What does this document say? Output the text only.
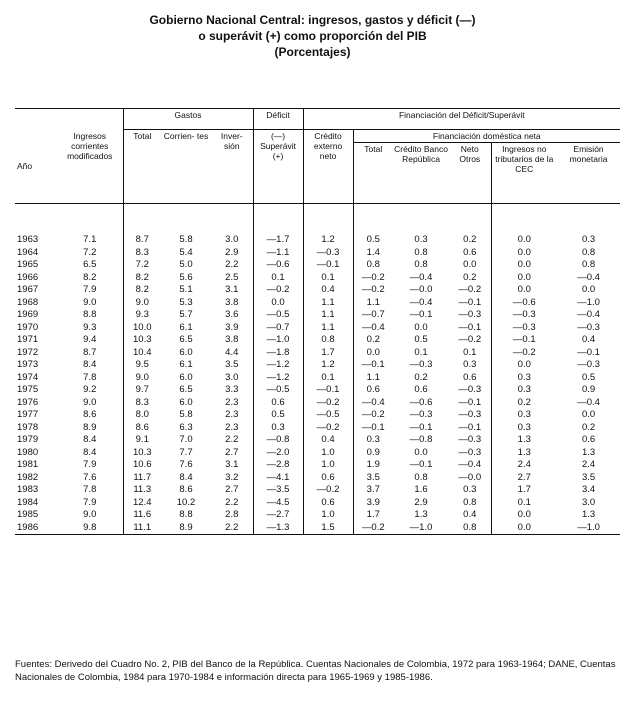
Gobierno Nacional Central: ingresos, gastos y déficit (—)
o superávit (+) como proporción del PIB
(Porcentajes)
		Gastos			Déficit	Financiación del Déficit/Superávit					
Año	Ingresos corrientes modificados	Total	Corrien- tes	Inver- sión	(—) Superávit (+)	Crédito externo neto	Financiación doméstica neta				
							Total	Crédito Banco República	Neto Otros	Ingresos no tributarios de la CEC	Emisión monetaria

1963	7.1	8.7	5.8	3.0	—1.7	1.2	0.5	0.3	0.2	0.0	0.3
1964	7.2	8.3	5.4	2.9	—1.1	—0.3	1.4	0.8	0.6	0.0	0.8
1965	6.5	7.2	5.0	2.2	—0.6	—0.1	0.8	0.8	0.0	0.0	0.8
1966	8.2	8.2	5.6	2.5	0.1	0.1	—0.2	—0.4	0.2	0.0	—0.4
1967	7.9	8.2	5.1	3.1	—0.2	0.4	—0.2	—0.0	—0.2	0.0	0.0
1968	9.0	9.0	5.3	3.8	0.0	1.1	1.1	—0.4	—0.1	—0.6	—1.0
1969	8.8	9.3	5.7	3.6	—0.5	1.1	—0.7	—0.1	—0.3	—0.3	—0.4
1970	9.3	10.0	6.1	3.9	—0.7	1.1	—0.4	0.0	—0.1	—0.3	—0.3
1971	9.4	10.3	6.5	3.8	—1.0	0.8	0.2	0.5	—0.2	—0.1	0.4
1972	8.7	10.4	6.0	4.4	—1.8	1.7	0.0	0.1	0.1	—0.2	—0.1
1973	8.4	9.5	6.1	3.5	—1.2	1.2	—0.1	—0.3	0.3	0.0	—0.3
1974	7.8	9.0	6.0	3.0	—1.2	0.1	1.1	0.2	0.6	0.3	0.5
1975	9.2	9.7	6.5	3.3	—0.5	—0.1	0.6	0.6	—0.3	0.3	0.9
1976	9.0	8.3	6.0	2.3	0.6	—0.2	—0.4	—0.6	—0.1	0.2	—0.4
1977	8.6	8.0	5.8	2.3	0.5	—0.5	—0.2	—0.3	—0.3	0.3	0.0
1978	8.9	8.6	6.3	2.3	0.3	—0.2	—0.1	—0.1	—0.1	0.3	0.2
1979	8.4	9.1	7.0	2.2	—0.8	0.4	0.3	—0.8	—0.3	1.3	0.6
1980	8.4	10.3	7.7	2.7	—2.0	1.0	0.9	0.0	—0.3	1.3	1.3
1981	7.9	10.6	7.6	3.1	—2.8	1.0	1.9	—0.1	—0.4	2.4	2.4
1982	7.6	11.7	8.4	3.2	—4.1	0.6	3.5	0.8	—0.0	2.7	3.5
1983	7.8	11.3	8.6	2.7	—3.5	—0.2	3.7	1.6	0.3	1.7	3.4
1984	7.9	12.4	10.2	2.2	—4.5	0.6	3.9	2.9	0.8	0.1	3.0
1985	9.0	11.6	8.8	2.8	—2.7	1.0	1.7	1.3	0.4	0.0	1.3
1986	9.8	11.1	8.9	2.2	—1.3	1.5	—0.2	—1.0	0.8	0.0	—1.0
Fuentes: Derivedo del Cuadro No. 2, PIB del Banco de la República. Cuentas Nacionales de Colombia, 1972 para 1963-1964; DANE, Cuentas Nacionales de Colombia, 1984 para 1970-1984 e información directa para 1965-1969 y 1985-1986.
